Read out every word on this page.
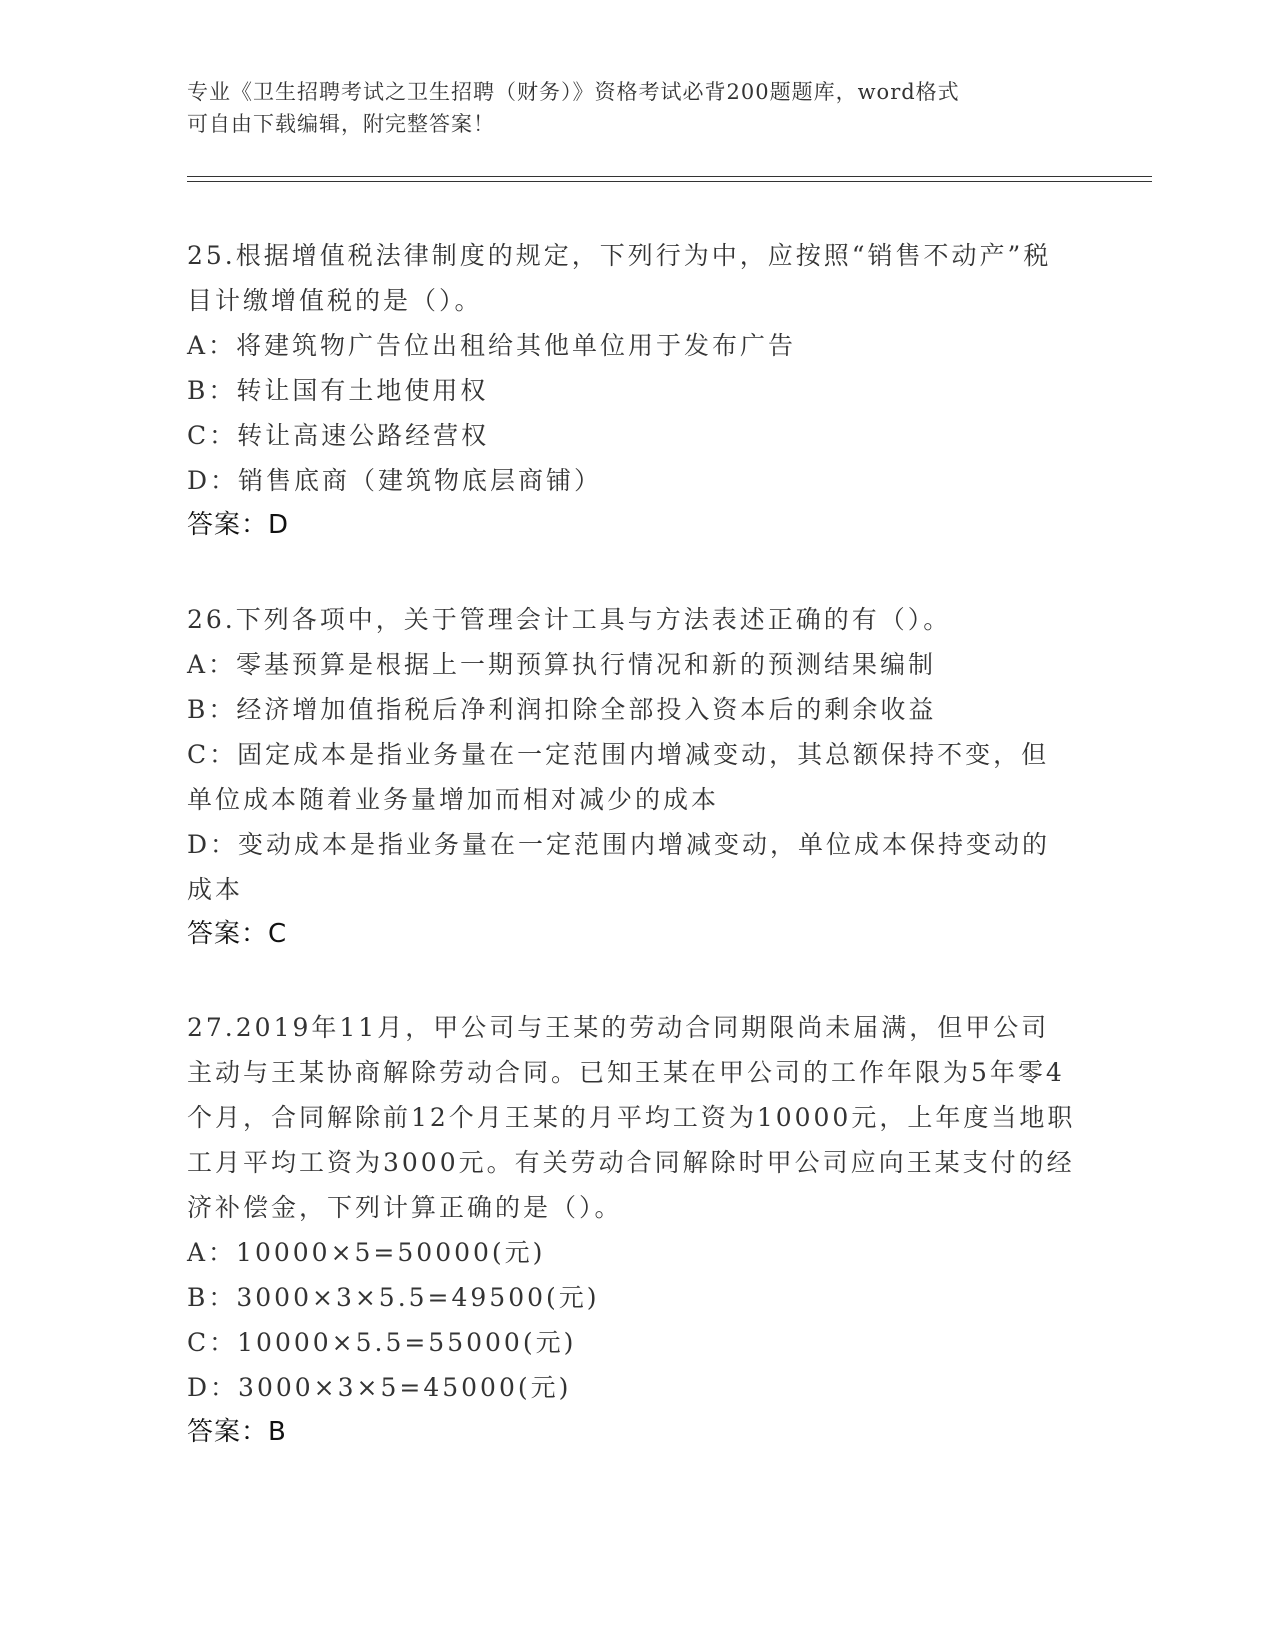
专业《卫生招聘考试之卫生招聘（财务）》资格考试必背200题题库，word格式
可自由下载编辑，附完整答案！
25.根据增值税法律制度的规定，下列行为中，应按照“销售不动产”税目计缴增值税的是（）。
A：将建筑物广告位出租给其他单位用于发布广告
B：转让国有土地使用权
C：转让高速公路经营权
D：销售底商（建筑物底层商铺）
答案：D
26.下列各项中，关于管理会计工具与方法表述正确的有（）。
A：零基预算是根据上一期预算执行情况和新的预测结果编制
B：经济增加值指税后净利润扣除全部投入资本后的剩余收益
C：固定成本是指业务量在一定范围内增减变动，其总额保持不变，但单位成本随着业务量增加而相对减少的成本
D：变动成本是指业务量在一定范围内增减变动，单位成本保持变动的成本
答案：C
27.2019年11月，甲公司与王某的劳动合同期限尚未届满，但甲公司主动与王某协商解除劳动合同。已知王某在甲公司的工作年限为5年零4个月，合同解除前12个月王某的月平均工资为10000元，上年度当地职工月平均工资为3000元。有关劳动合同解除时甲公司应向王某支付的经济补偿金，下列计算正确的是（）。
A：10000×5=50000(元)
B：3000×3×5.5=49500(元)
C：10000×5.5=55000(元)
D：3000×3×5=45000(元)
答案：B
